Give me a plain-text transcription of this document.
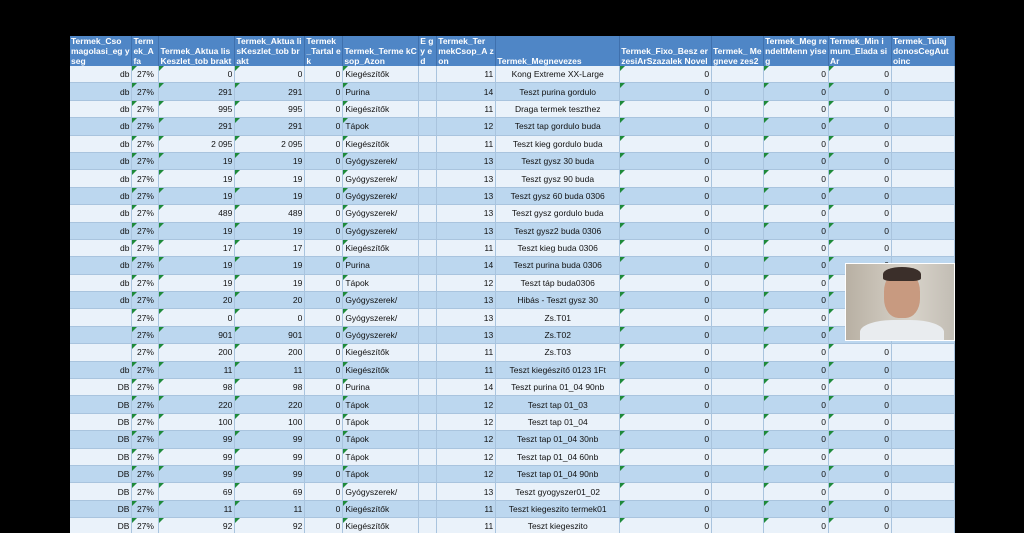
Termek_Cso magolasi_eg yseg	Termek_A fa	Termek_Aktua lisKeszlet_tob brakt	Termek_Aktua lisKeszlet_tob brakt	Termek _Tartal ek	Termek_Terme kCsop_Azon	E gy ed	Termek_Ter mekCsop_A zon	Termek_Megnevezes	Termek_Fixo_Besz erzesiArSzazalek Novel	Termek_ Megneve zes2	Termek_Meg rendeltMenn yiseg	Termek_Min imum_Elada siAr	Termek_Tulaj donosCegAut oinc
db	27%	0	0	0	Kiegészítők		11	Kong Extreme XX-Large	0		0	0	
db	27%	291	291	0	Purina		14	Teszt purina gordulo	0		0	0	
db	27%	995	995	0	Kiegészítők		11	Draga termek teszthez	0		0	0	
db	27%	291	291	0	Tápok		12	Teszt tap gordulo buda	0		0	0	
db	27%	2 095	2 095	0	Kiegészítők		11	Teszt kieg gordulo buda	0		0	0	
db	27%	19	19	0	Gyógyszerek/		13	Teszt gysz 30 buda	0		0	0	
db	27%	19	19	0	Gyógyszerek/		13	Teszt gysz 90 buda	0		0	0	
db	27%	19	19	0	Gyógyszerek/		13	Teszt gysz 60 buda 0306	0		0	0	
db	27%	489	489	0	Gyógyszerek/		13	Teszt gysz gordulo buda	0		0	0	
db	27%	19	19	0	Gyógyszerek/		13	Teszt gysz2 buda 0306	0		0	0	
db	27%	17	17	0	Kiegészítők		11	Teszt kieg buda 0306	0		0	0	
db	27%	19	19	0	Purina		14	Teszt purina buda 0306	0		0		
db	27%	19	19	0	Tápok		12	Teszt táp buda0306	0		0		
db	27%	20	20	0	Gyógyszerek/		13	Hibás - Teszt gysz 30	0		0		
	27%	0	0	0	Gyógyszerek/		13	Zs.T01	0		0		
	27%	901	901	0	Gyógyszerek/		13	Zs.T02	0		0		
	27%	200	200	0	Kiegészítők		11	Zs.T03	0		0	0	
db	27%	11	11	0	Kiegészítők		11	Teszt kiegészítő 0123 1Ft	0		0	0	
DB	27%	98	98	0	Purina		14	Teszt purina 01_04 90nb	0		0	0	
DB	27%	220	220	0	Tápok		12	Teszt tap 01_03	0		0	0	
DB	27%	100	100	0	Tápok		12	Teszt tap 01_04	0		0	0	
DB	27%	99	99	0	Tápok		12	Teszt tap 01_04 30nb	0		0	0	
DB	27%	99	99	0	Tápok		12	Teszt tap 01_04 60nb	0		0	0	
DB	27%	99	99	0	Tápok		12	Teszt tap 01_04 90nb	0		0	0	
DB	27%	69	69	0	Gyógyszerek/		13	Teszt gyogyszer01_02	0		0	0	
DB	27%	11	11	0	Kiegészítők		11	Teszt kiegeszito termek01	0		0	0	
DB	27%	92	92	0	Kiegészítők		11	Teszt kiegeszito	0		0	0	
